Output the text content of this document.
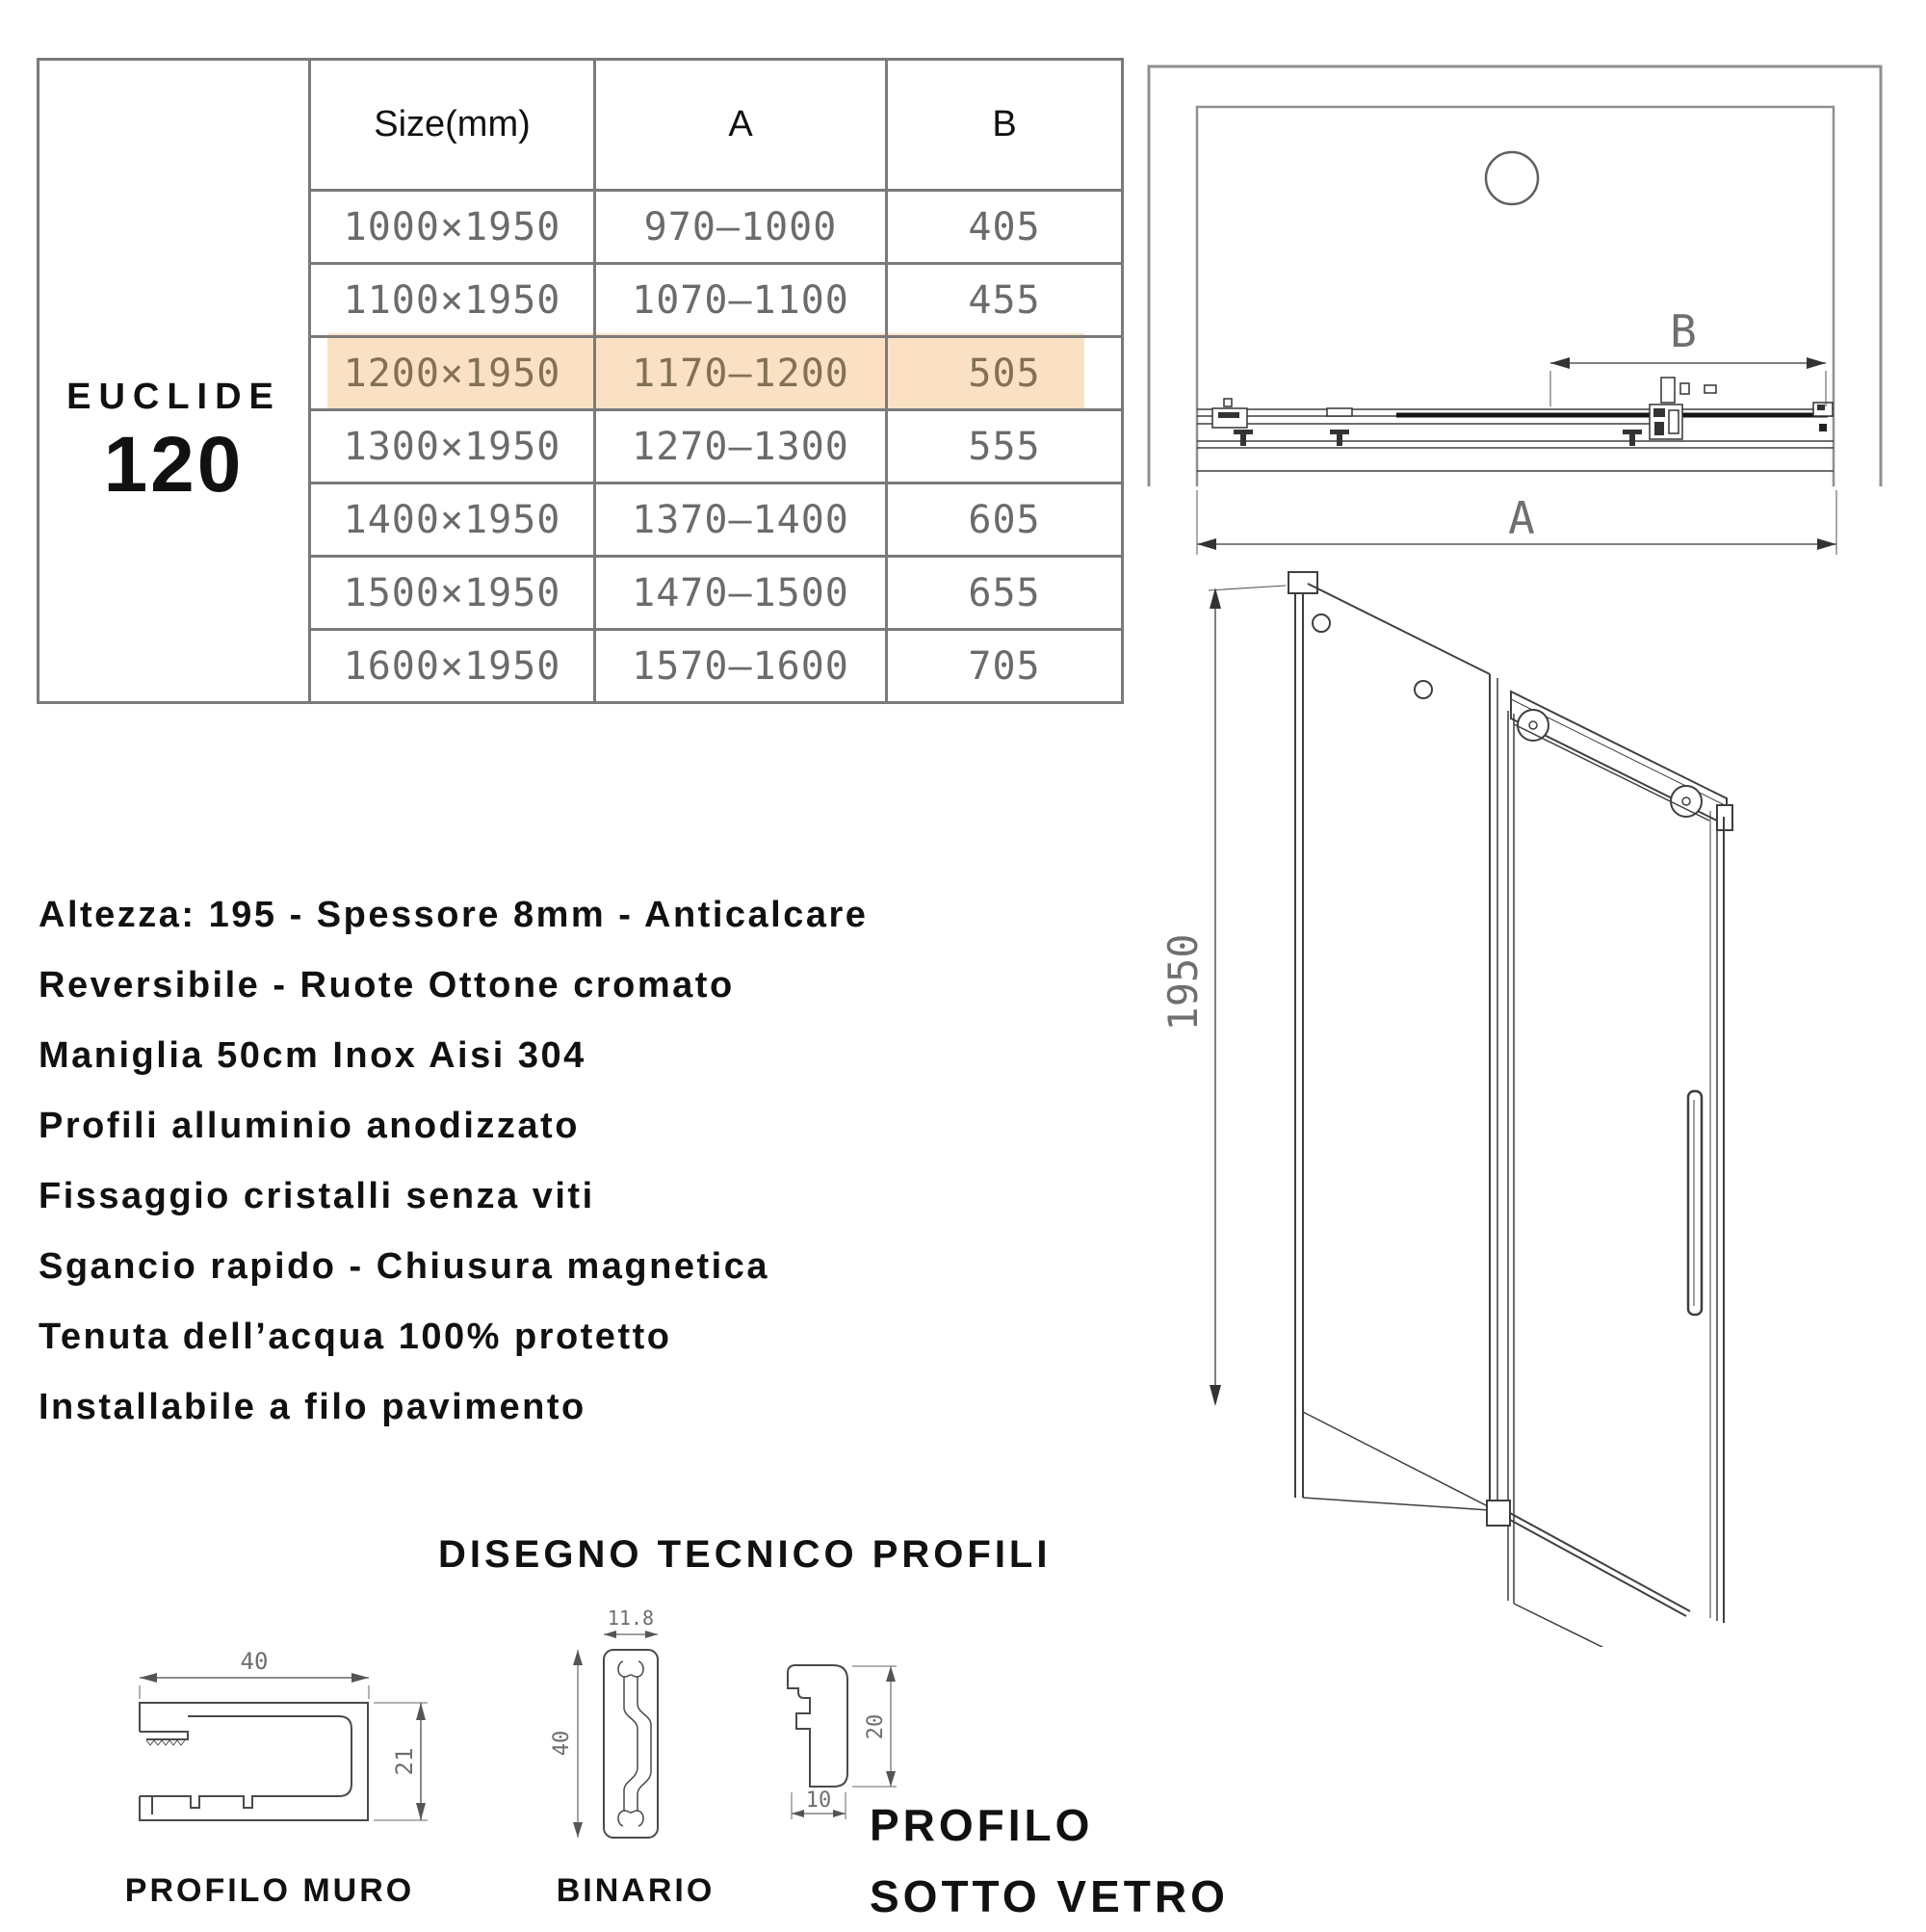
EUCLIDE
120	Size(mm)	A	B
	1000×1950	970–1000	405
	1100×1950	1070–1100	455
	1200×1950	1170–1200	505
	1300×1950	1270–1300	555
	1400×1950	1370–1400	605
	1500×1950	1470–1500	655
	1600×1950	1570–1600	705
Altezza: 195 - Spessore 8mm - Anticalcare
Reversibile - Ruote Ottone cromato
Maniglia 50cm Inox Aisi 304
Profili alluminio anodizzato
Fissaggio cristalli senza viti
Sgancio rapido - Chiusura magnetica
Tenuta dell’acqua 100% protetto
Installabile a filo pavimento
B
A
1950
DISEGNO TECNICO PROFILI
40
21
11.8
40
20
10
PROFILO MURO	BINARIO
PROFILO
SOTTO VETRO
